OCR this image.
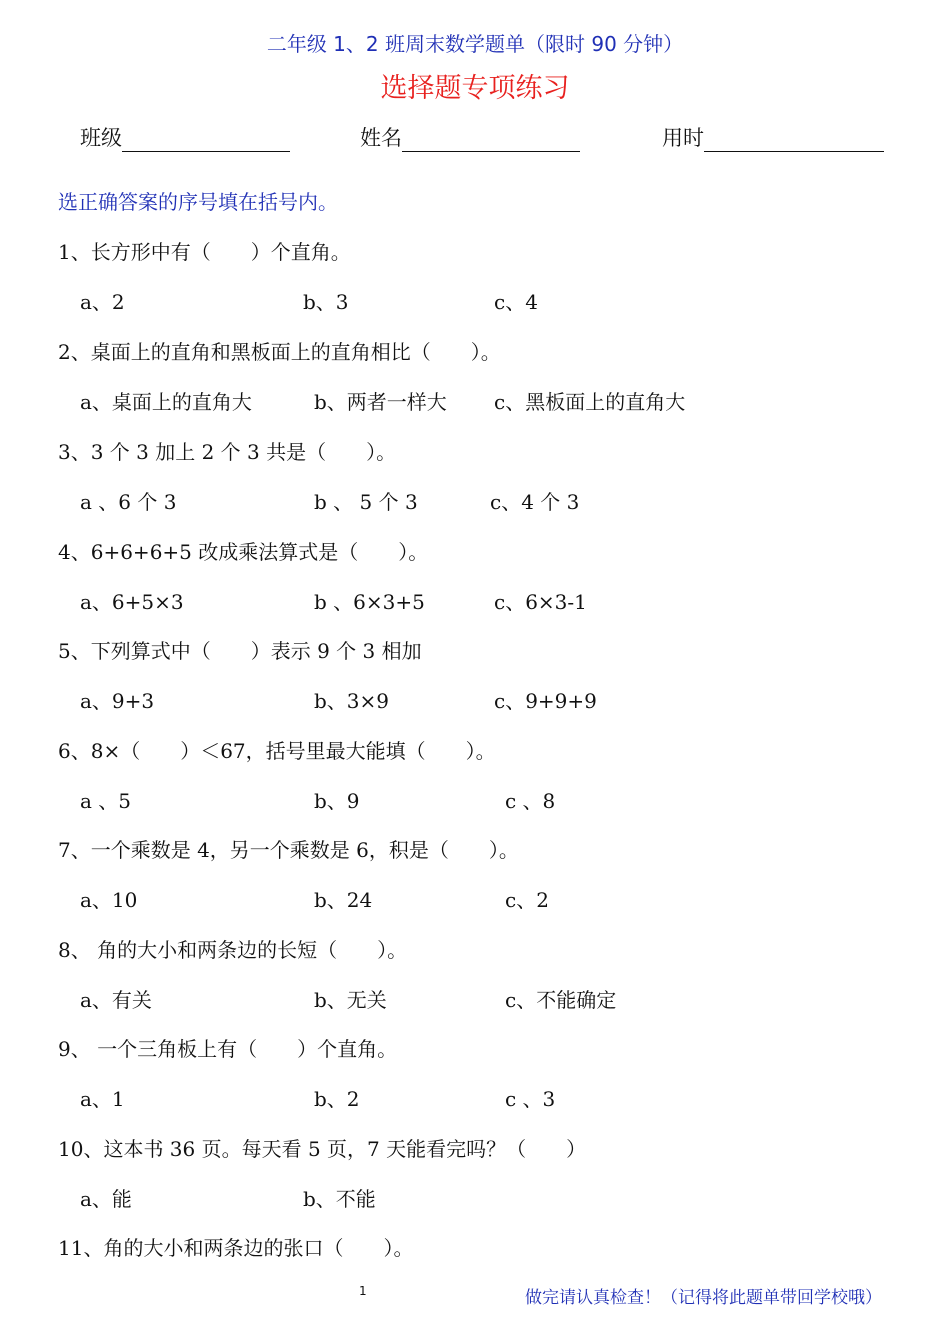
二年级 1、2 班周末数学题单（限时 90 分钟）
选择题专项练习
班级	姓名	用时
选正确答案的序号填在括号内。
1、长方形中有（　　）个直角。
a、2	b、3	c、4
2、桌面上的直角和黑板面上的直角相比（　　）。
a、桌面上的直角大	b、两者一样大 c、黑板面上的直角大
3、3 个 3 加上 2 个 3 共是（　　）。
a 、6 个 3	b 、 5 个 3	c、4 个 3
4、6+6+6+5 改成乘法算式是（　　）。
a、6+5×3	b 、6×3+5	c、6×3-1
5、下列算式中（　　）表示 9 个 3 相加
a、9+3	b、3×9	c、9+9+9
6、8×（　　）＜67，括号里最大能填（　　）。
a 、5	b、9	c 、8
7、一个乘数是 4，另一个乘数是 6，积是（　　）。
a、10	b、24	c、2
8、 角的大小和两条边的长短（　　）。
a、有关	b、无关	c、不能确定
9、 一个三角板上有（　　）个直角。
a、1	b、2	c 、3
10、这本书 36 页。每天看 5 页，7 天能看完吗？（　　）
a、能	b、不能
11、角的大小和两条边的张口（　　）。
1	做完请认真检查！（记得将此题单带回学校哦）
